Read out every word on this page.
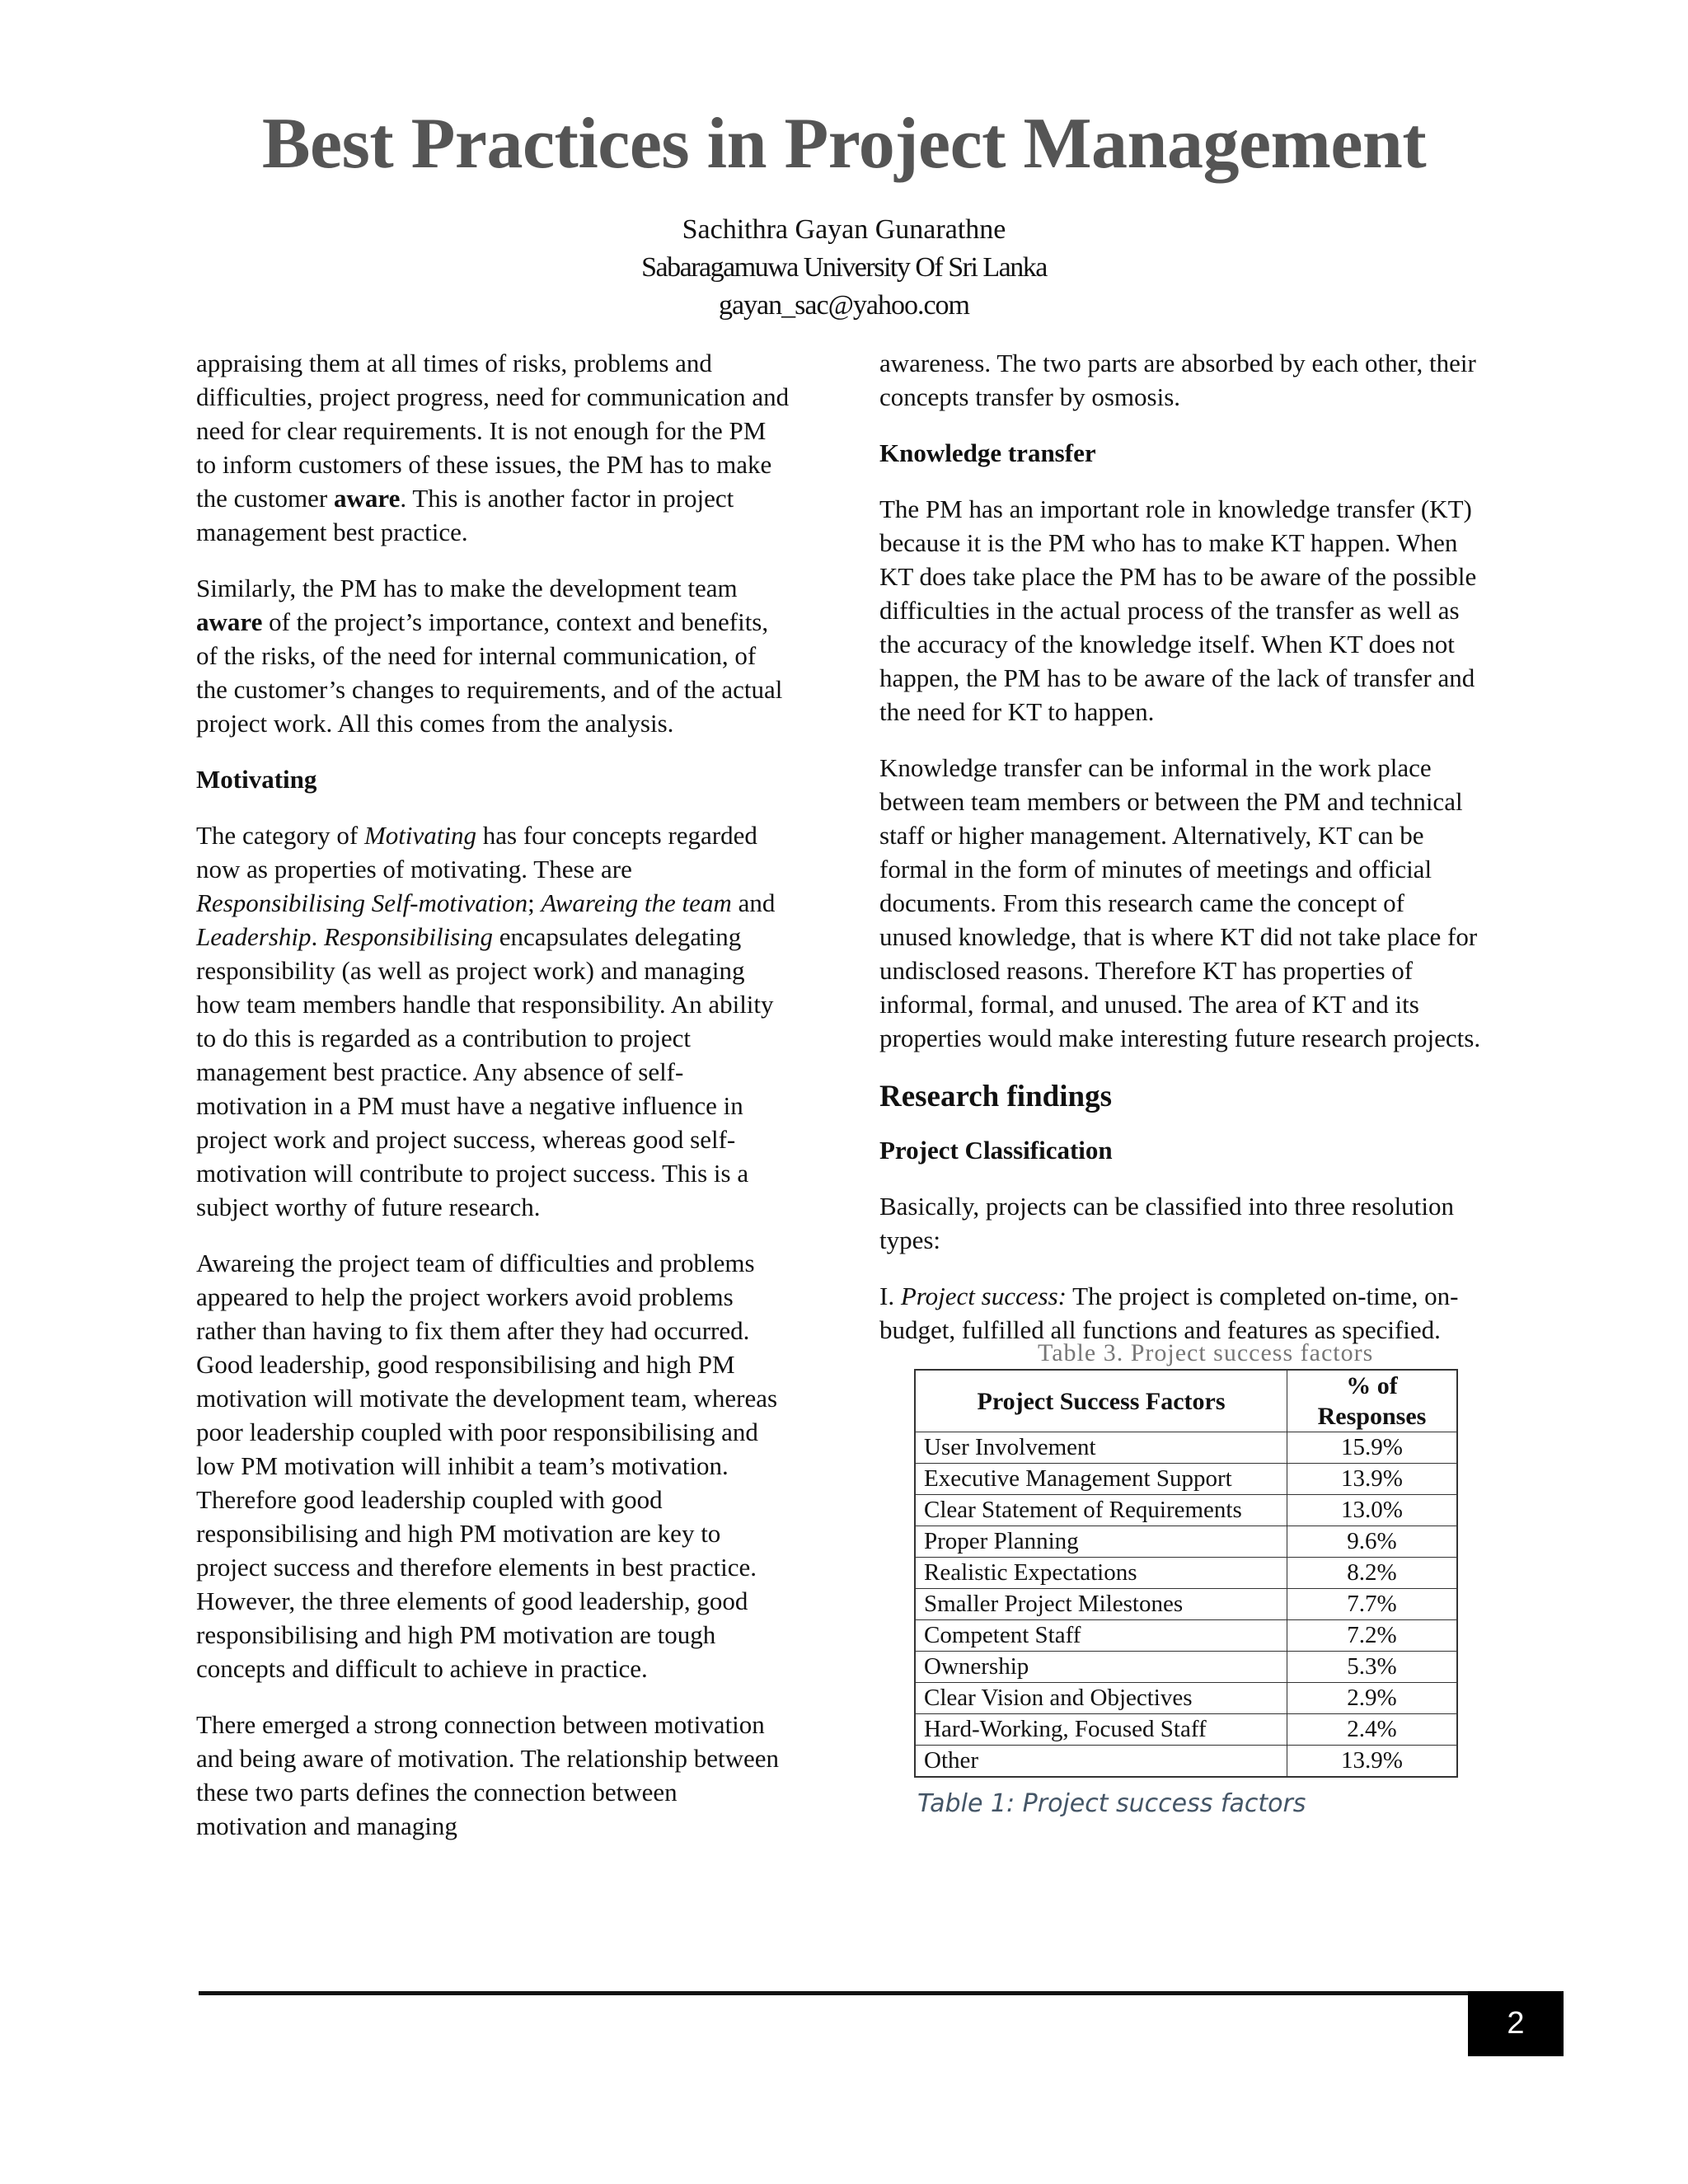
Best Practices in Project Management
Sachithra Gayan Gunarathne
Sabaragamuwa University Of Sri Lanka
gayan_sac@yahoo.com

appraising them at all times of risks, problems and difficulties, project progress, need for communication and need for clear requirements. It is not enough for the PM to inform customers of these issues, the PM has to make the customer aware. This is another factor in project management best practice.

Similarly, the PM has to make the development team aware of the project’s importance, context and benefits, of the risks, of the need for internal communication, of the customer’s changes to requirements, and of the actual project work. All this comes from the analysis.

Motivating

The category of Motivating has four concepts regarded now as properties of motivating. These are Responsibilising Self-motivation; Awareing the team and Leadership. Responsibilising encapsulates delegating responsibility (as well as project work) and managing how team members handle that responsibility. An ability to do this is regarded as a contribution to project management best practice. Any absence of self-motivation in a PM must have a negative influence in project work and project success, whereas good self-motivation will contribute to project success. This is a subject worthy of future research.

Awareing the project team of difficulties and problems appeared to help the project workers avoid problems rather than having to fix them after they had occurred. Good leadership, good responsibilising and high PM motivation will motivate the development team, whereas poor leadership coupled with poor responsibilising and low PM motivation will inhibit a team’s motivation. Therefore good leadership coupled with good responsibilising and high PM motivation are key to project success and therefore elements in best practice. However, the three elements of good leadership, good responsibilising and high PM motivation are tough concepts and difficult to achieve in practice.

There emerged a strong connection between motivation and being aware of motivation. The relationship between these two parts defines the connection between motivation and managing

awareness. The two parts are absorbed by each other, their concepts transfer by osmosis.

Knowledge transfer

The PM has an important role in knowledge transfer (KT) because it is the PM who has to make KT happen. When KT does take place the PM has to be aware of the possible difficulties in the actual process of the transfer as well as the accuracy of the knowledge itself. When KT does not happen, the PM has to be aware of the lack of transfer and the need for KT to happen.

Knowledge transfer can be informal in the work place between team members or between the PM and technical staff or higher management. Alternatively, KT can be formal in the form of minutes of meetings and official documents. From this research came the concept of unused knowledge, that is where KT did not take place for undisclosed reasons. Therefore KT has properties of informal, formal, and unused. The area of KT and its properties would make interesting future research projects.

Research findings
Project Classification

Basically, projects can be classified into three resolution types:

I. Project success: The project is completed on-time, on-budget, fulfilled all functions and features as specified.

Table 3. Project success factors
Project Success Factors	% of Responses
User Involvement	15.9%
Executive Management Support	13.9%
Clear Statement of Requirements	13.0%
Proper Planning	9.6%
Realistic Expectations	8.2%
Smaller Project Milestones	7.7%
Competent Staff	7.2%
Ownership	5.3%
Clear Vision and Objectives	2.9%
Hard-Working, Focused Staff	2.4%
Other	13.9%
Table 1: Project success factors
2
